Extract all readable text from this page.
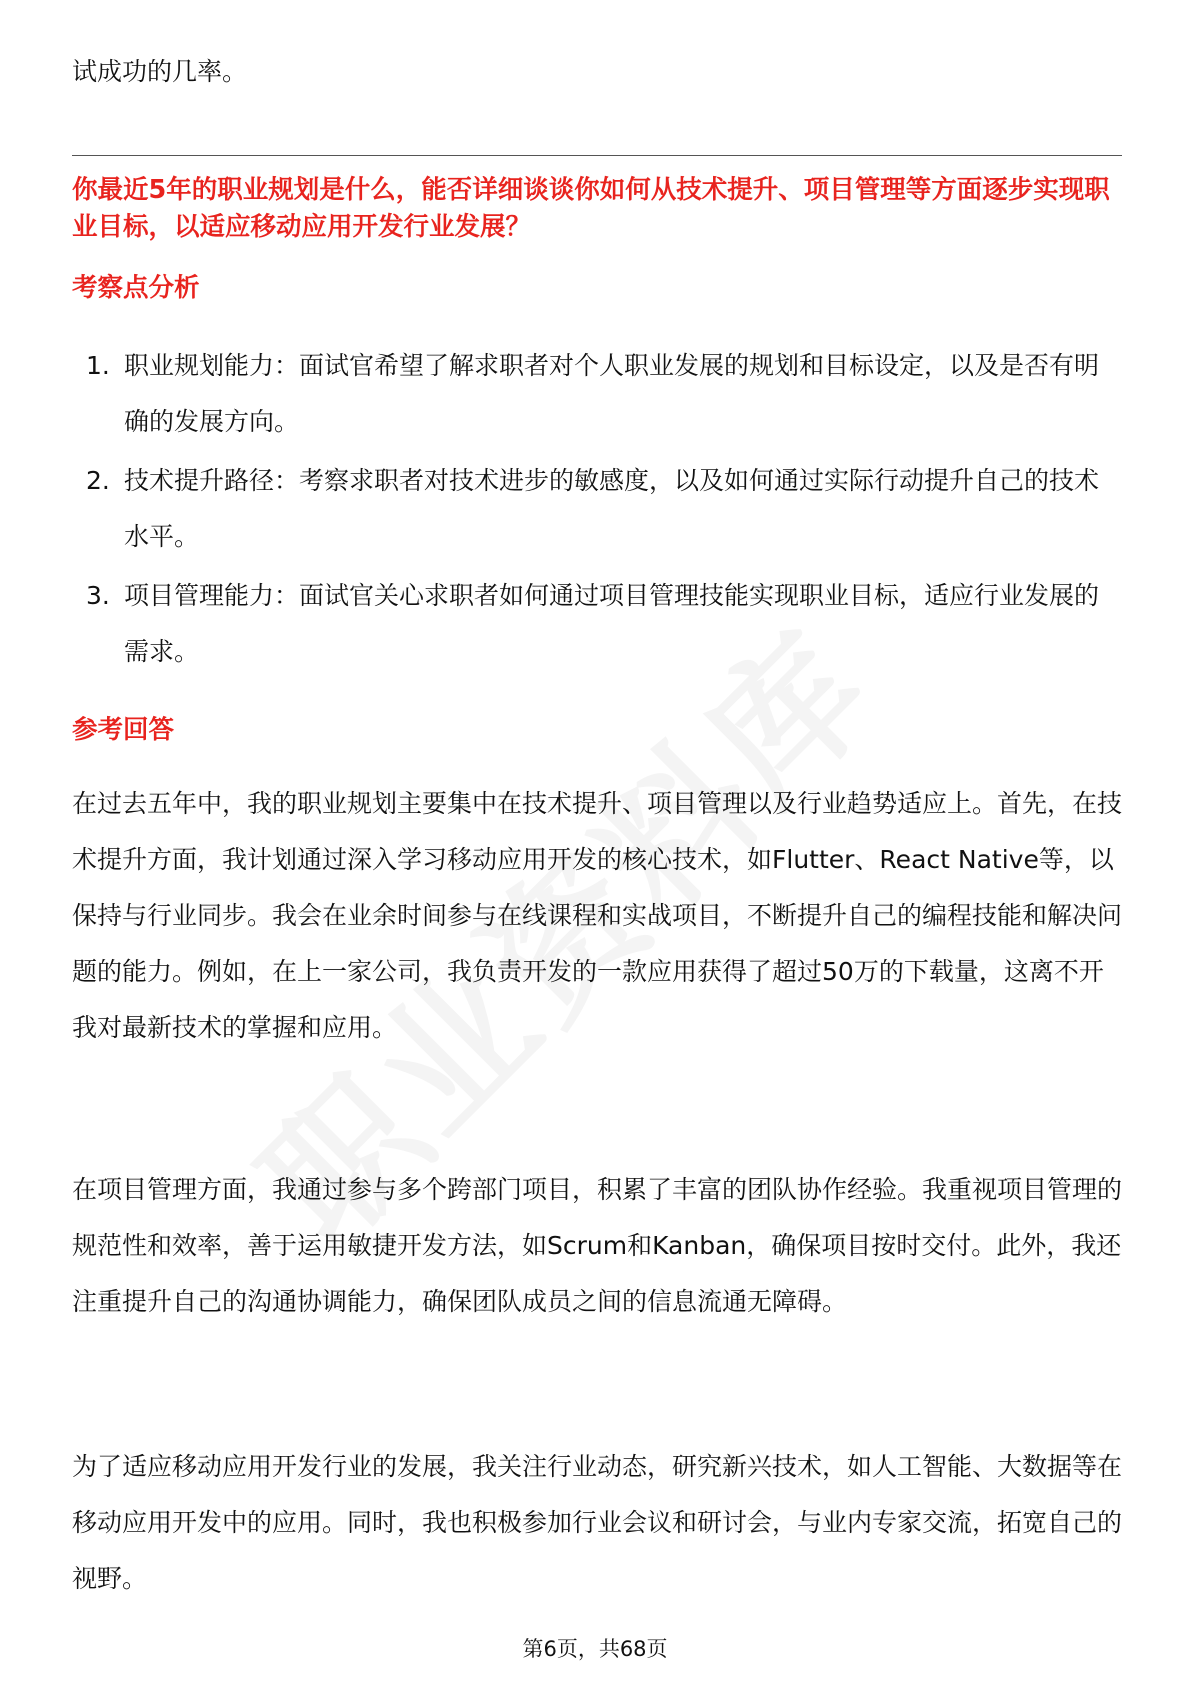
试成功的几率。

你最近5年的职业规划是什么，能否详细谈谈你如何从技术提升、项目管理等方面逐步实现职业目标，以适应移动应用开发行业发展？

考察点分析
1. 职业规划能力：面试官希望了解求职者对个人职业发展的规划和目标设定，以及是否有明确的发展方向。
2. 技术提升路径：考察求职者对技术进步的敏感度，以及如何通过实际行动提升自己的技术水平。
3. 项目管理能力：面试官关心求职者如何通过项目管理技能实现职业目标，适应行业发展的需求。
参考回答

在过去五年中，我的职业规划主要集中在技术提升、项目管理以及行业趋势适应上。首先，在技术提升方面，我计划通过深入学习移动应用开发的核心技术，如Flutter、React Native等，以保持与行业同步。我会在业余时间参与在线课程和实战项目，不断提升自己的编程技能和解决问题的能力。例如，在上一家公司，我负责开发的一款应用获得了超过50万的下载量，这离不开我对最新技术的掌握和应用。

在项目管理方面，我通过参与多个跨部门项目，积累了丰富的团队协作经验。我重视项目管理的规范性和效率，善于运用敏捷开发方法，如Scrum和Kanban，确保项目按时交付。此外，我还注重提升自己的沟通协调能力，确保团队成员之间的信息流通无障碍。

为了适应移动应用开发行业的发展，我关注行业动态，研究新兴技术，如人工智能、大数据等在移动应用开发中的应用。同时，我也积极参加行业会议和研讨会，与业内专家交流，拓宽自己的视野。

第6页，共68页
